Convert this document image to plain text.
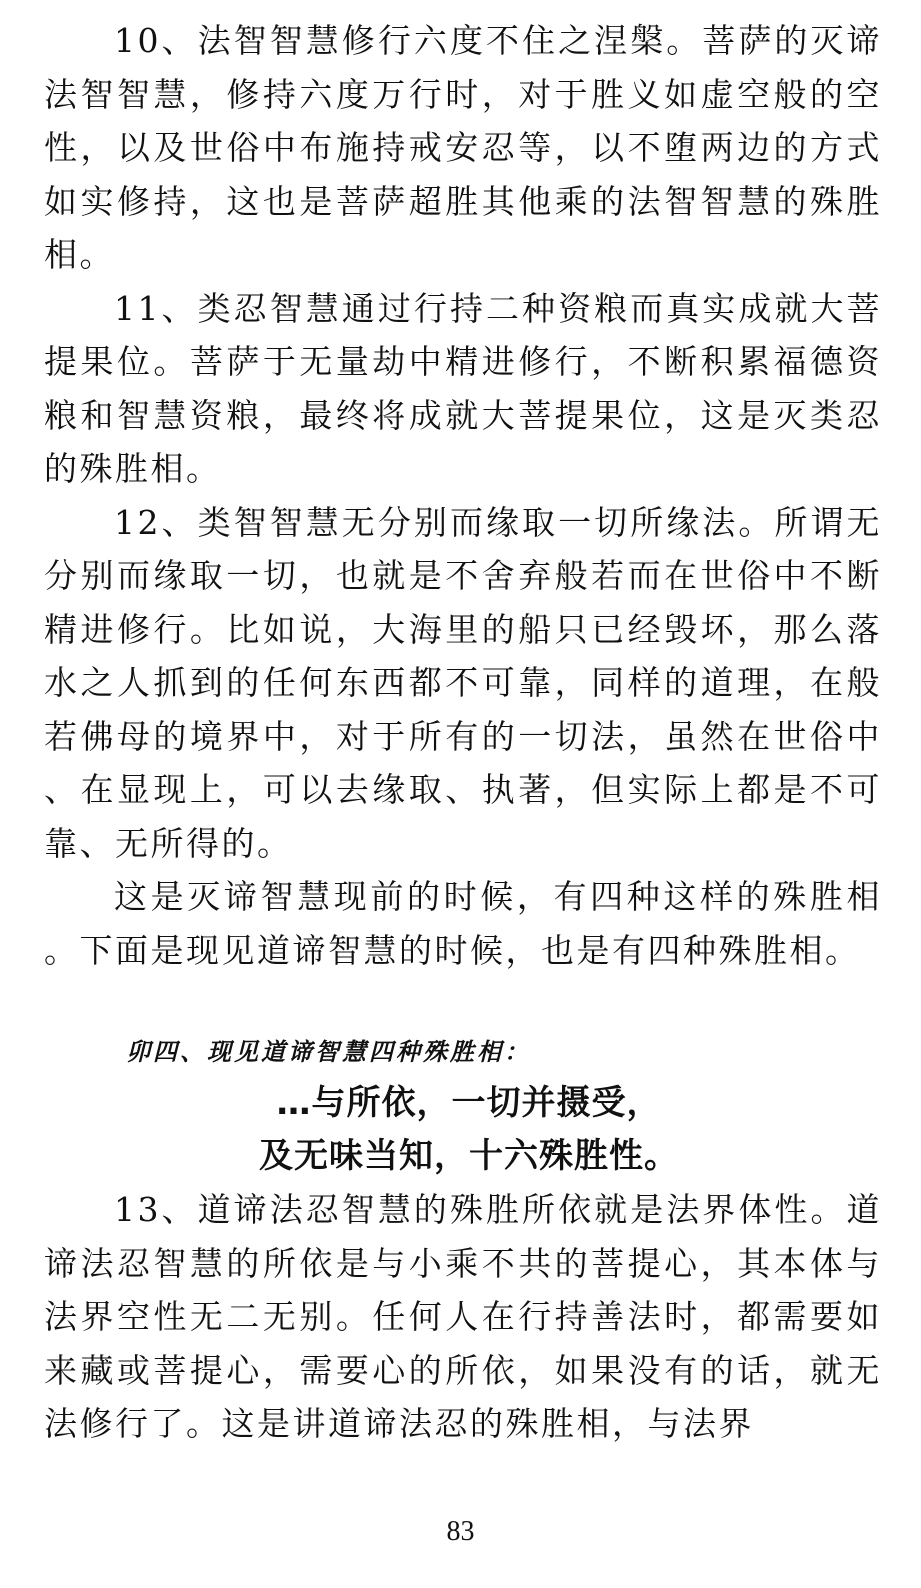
10、法智智慧修行六度不住之涅槃。菩萨的灭谛法智智慧，修持六度万行时，对于胜义如虚空般的空性，以及世俗中布施持戒安忍等，以不堕两边的方式如实修持，这也是菩萨超胜其他乘的法智智慧的殊胜相。

11、类忍智慧通过行持二种资粮而真实成就大菩提果位。菩萨于无量劫中精进修行，不断积累福德资粮和智慧资粮，最终将成就大菩提果位，这是灭类忍的殊胜相。

12、类智智慧无分别而缘取一切所缘法。所谓无分别而缘取一切，也就是不舍弃般若而在世俗中不断精进修行。比如说，大海里的船只已经毁坏，那么落水之人抓到的任何东西都不可靠，同样的道理，在般若佛母的境界中，对于所有的一切法，虽然在世俗中、在显现上，可以去缘取、执著，但实际上都是不可靠、无所得的。

这是灭谛智慧现前的时候，有四种这样的殊胜相。下面是现见道谛智慧的时候，也是有四种殊胜相。

卯四、现见道谛智慧四种殊胜相：

…与所依，一切并摄受，

及无味当知，十六殊胜性。

13、道谛法忍智慧的殊胜所依就是法界体性。道谛法忍智慧的所依是与小乘不共的菩提心，其本体与法界空性无二无别。任何人在行持善法时，都需要如来藏或菩提心，需要心的所依，如果没有的话，就无法修行了。这是讲道谛法忍的殊胜相，与法界

83
